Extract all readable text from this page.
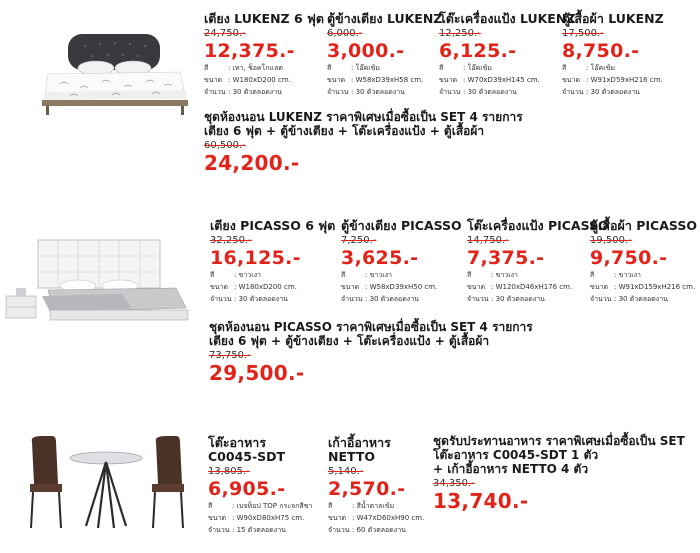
เตียง LUKENZ 6 ฟุต
24,750.-
12,375.-
สี	: เทา, ช็อคโกแลต
ขนาด : W180xD200 cm.
จำนวน : 30 ตัวตลอดงาน
ตู้ข้างเตียง LUKENZ
6,000.-
3,000.-
สี	: โอ๊คเข้ม
ขนาด : W58xD39xH58 cm.
จำนวน : 30 ตัวตลอดงาน
โต๊ะเครื่องแป้ง LUKENZ
12,250.-
6,125.-
สี	: โอ๊คเข้ม
ขนาด : W70xD39xH145 cm.
จำนวน : 30 ตัวตลอดงาน
ตู้เสื้อผ้า LUKENZ
17,500.-
8,750.-
สี	: โอ๊คเข้ม
ขนาด : W91xD59xH216 cm.
จำนวน : 30 ตัวตลอดงาน
ชุดห้องนอน LUKENZ ราคาพิเศษเมื่อซื้อเป็น SET 4 รายการ
เตียง 6 ฟุต + ตู้ข้างเตียง + โต๊ะเครื่องแป้ง + ตู้เสื้อผ้า
60,500.-
24,200.-
เตียง PICASSO 6 ฟุต
32,250.-
16,125.-
สี	: ขาวเงา
ขนาด : W180xD200 cm.
จำนวน : 30 ตัวตลอดงาน
ตู้ข้างเตียง PICASSO
7,250.-
3,625.-
สี	: ขาวเงา
ขนาด : W58xD39xH50 cm.
จำนวน : 30 ตัวตลอดงาน
โต๊ะเครื่องแป้ง PICASSO
14,750.-
7,375.-
สี	: ขาวเงา
ขนาด : W120xD46xH176 cm.
จำนวน : 30 ตัวตลอดงาน
ตู้เสื้อผ้า PICASSO
19,500.-
9,750.-
สี	: ขาวเงา
ขนาด : W91xD159xH216 cm.
จำนวน : 30 ตัวตลอดงาน
ชุดห้องนอน PICASSO ราคาพิเศษเมื่อซื้อเป็น SET 4 รายการ
เตียง 6 ฟุต + ตู้ข้างเตียง + โต๊ะเครื่องแป้ง + ตู้เสื้อผ้า
73,750.-
29,500.-
โต๊ะอาหาร
C0045-SDT
13,805.-
6,905.-
สี	: เบจท็อป TOP กระจกสีชา
ขนาด : W90xD80xH75 cm.
จำนวน : 15 ตัวตลอดงาน
เก้าอี้อาหาร
NETTO
5,140.-
2,570.-
สี	: สีน้ำตาลเข้ม
ขนาด : W47xD60xH90 cm.
จำนวน : 60 ตัวตลอดงาน
ชุดรับประทานอาหาร ราคาพิเศษเมื่อซื้อเป็น SET
โต๊ะอาหาร C0045-SDT 1 ตัว
+ เก้าอี้อาหาร NETTO 4 ตัว
34,350.-
13,740.-
